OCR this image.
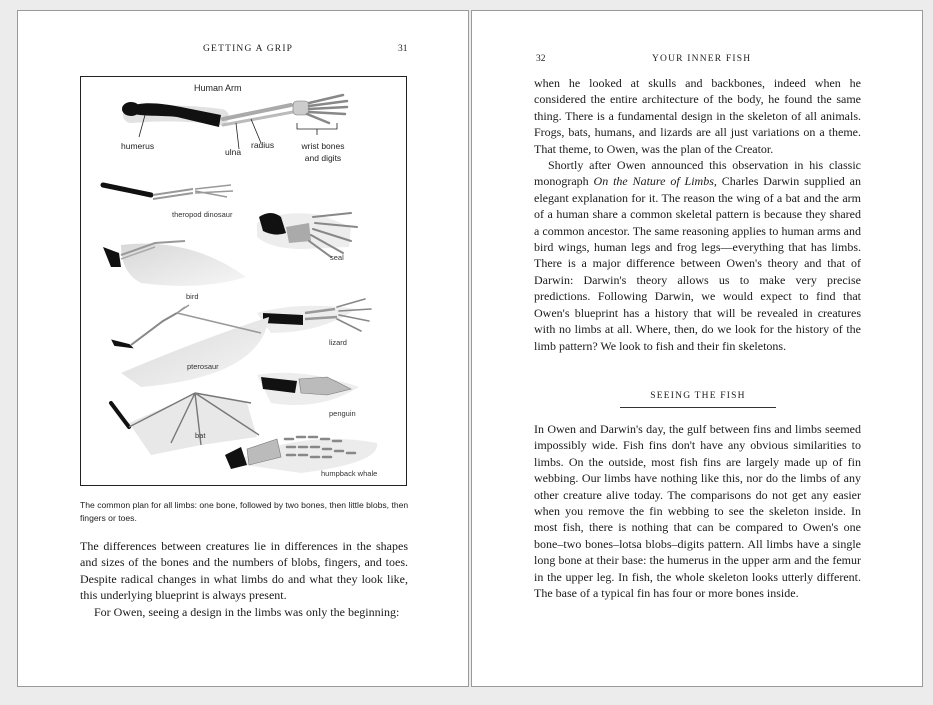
GETTING A GRIP	31
Human Arm
humerus
ulna
radius	wrist bones
and digits
theropod dinosaur
seal
bird
lizard
pterosaur
penguin
bat
humpback whale
The common plan for all limbs: one bone, followed by two bones, then little blobs, then fingers or toes.

The differences between creatures lie in differences in the shapes and sizes of the bones and the numbers of blobs, fingers, and toes. Despite radical changes in what limbs do and what they look like, this underlying blueprint is always present.

For Owen, seeing a design in the limbs was only the beginning:

32	YOUR INNER FISH

when he looked at skulls and backbones, indeed when he considered the entire architecture of the body, he found the same thing. There is a fundamental design in the skeleton of all animals. Frogs, bats, humans, and lizards are all just variations on a theme. That theme, to Owen, was the plan of the Creator.

Shortly after Owen announced this observation in his classic monograph On the Nature of Limbs, Charles Darwin supplied an elegant explanation for it. The reason the wing of a bat and the arm of a human share a common skeletal pattern is because they shared a common ancestor. The same reasoning applies to human arms and bird wings, human legs and frog legs—everything that has limbs. There is a major difference between Owen's theory and that of Darwin: Darwin's theory allows us to make very precise predictions. Following Darwin, we would expect to find that Owen's blueprint has a history that will be revealed in creatures with no limbs at all. Where, then, do we look for the history of the limb pattern? We look to fish and their fin skeletons.

SEEING THE FISH

In Owen and Darwin's day, the gulf between fins and limbs seemed impossibly wide. Fish fins don't have any obvious similarities to limbs. On the outside, most fish fins are largely made up of fin webbing. Our limbs have nothing like this, nor do the limbs of any other creature alive today. The comparisons do not get any easier when you remove the fin webbing to see the skeleton inside. In most fish, there is nothing that can be compared to Owen's one bone–two bones–lotsa blobs–digits pattern. All limbs have a single long bone at their base: the humerus in the upper arm and the femur in the upper leg. In fish, the whole skeleton looks utterly different. The base of a typical fin has four or more bones inside.
